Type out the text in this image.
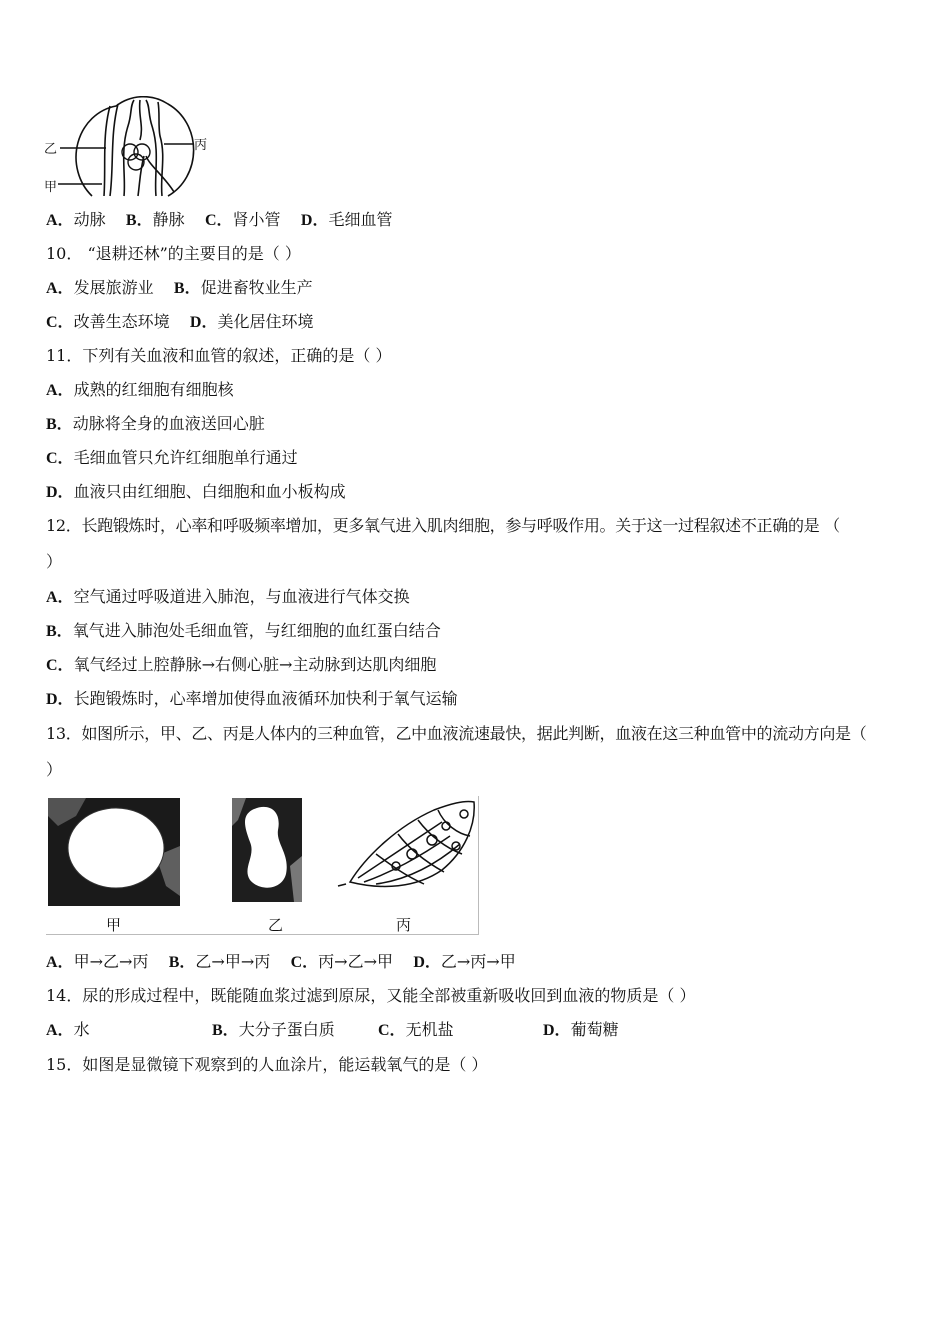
乙
甲
丙
A．动脉 B．静脉 C．肾小管 D．毛细血管
10． “退耕还林”的主要目的是（ ）
A．发展旅游业 B．促进畜牧业生产
C．改善生态环境 D．美化居住环境
11．下列有关血液和血管的叙述，正确的是（ ）
A．成熟的红细胞有细胞核
B．动脉将全身的血液送回心脏
C．毛细血管只允许红细胞单行通过
D．血液只由红细胞、白细胞和血小板构成
12．长跑锻炼时，心率和呼吸频率增加，更多氧气进入肌肉细胞，参与呼吸作用。关于这一过程叙述不正确的是 （
）
A．空气通过呼吸道进入肺泡，与血液进行气体交换
B．氧气进入肺泡处毛细血管，与红细胞的血红蛋白结合
C．氧气经过上腔静脉→右侧心脏→主动脉到达肌肉细胞
D．长跑锻炼时，心率增加使得血液循环加快利于氧气运输
13．如图所示，甲、乙、丙是人体内的三种血管，乙中血液流速最快，据此判断，血液在这三种血管中的流动方向是（
）
甲	乙	丙
A．甲→乙→丙 B．乙→甲→丙 C．丙→乙→甲 D．乙→丙→甲
14．尿的形成过程中，既能随血浆过滤到原尿，又能全部被重新吸收回到血液的物质是（ ）
A．水	B．大分子蛋白质	C．无机盐	D．葡萄糖
15．如图是显微镜下观察到的人血涂片，能运载氧气的是（ ）
